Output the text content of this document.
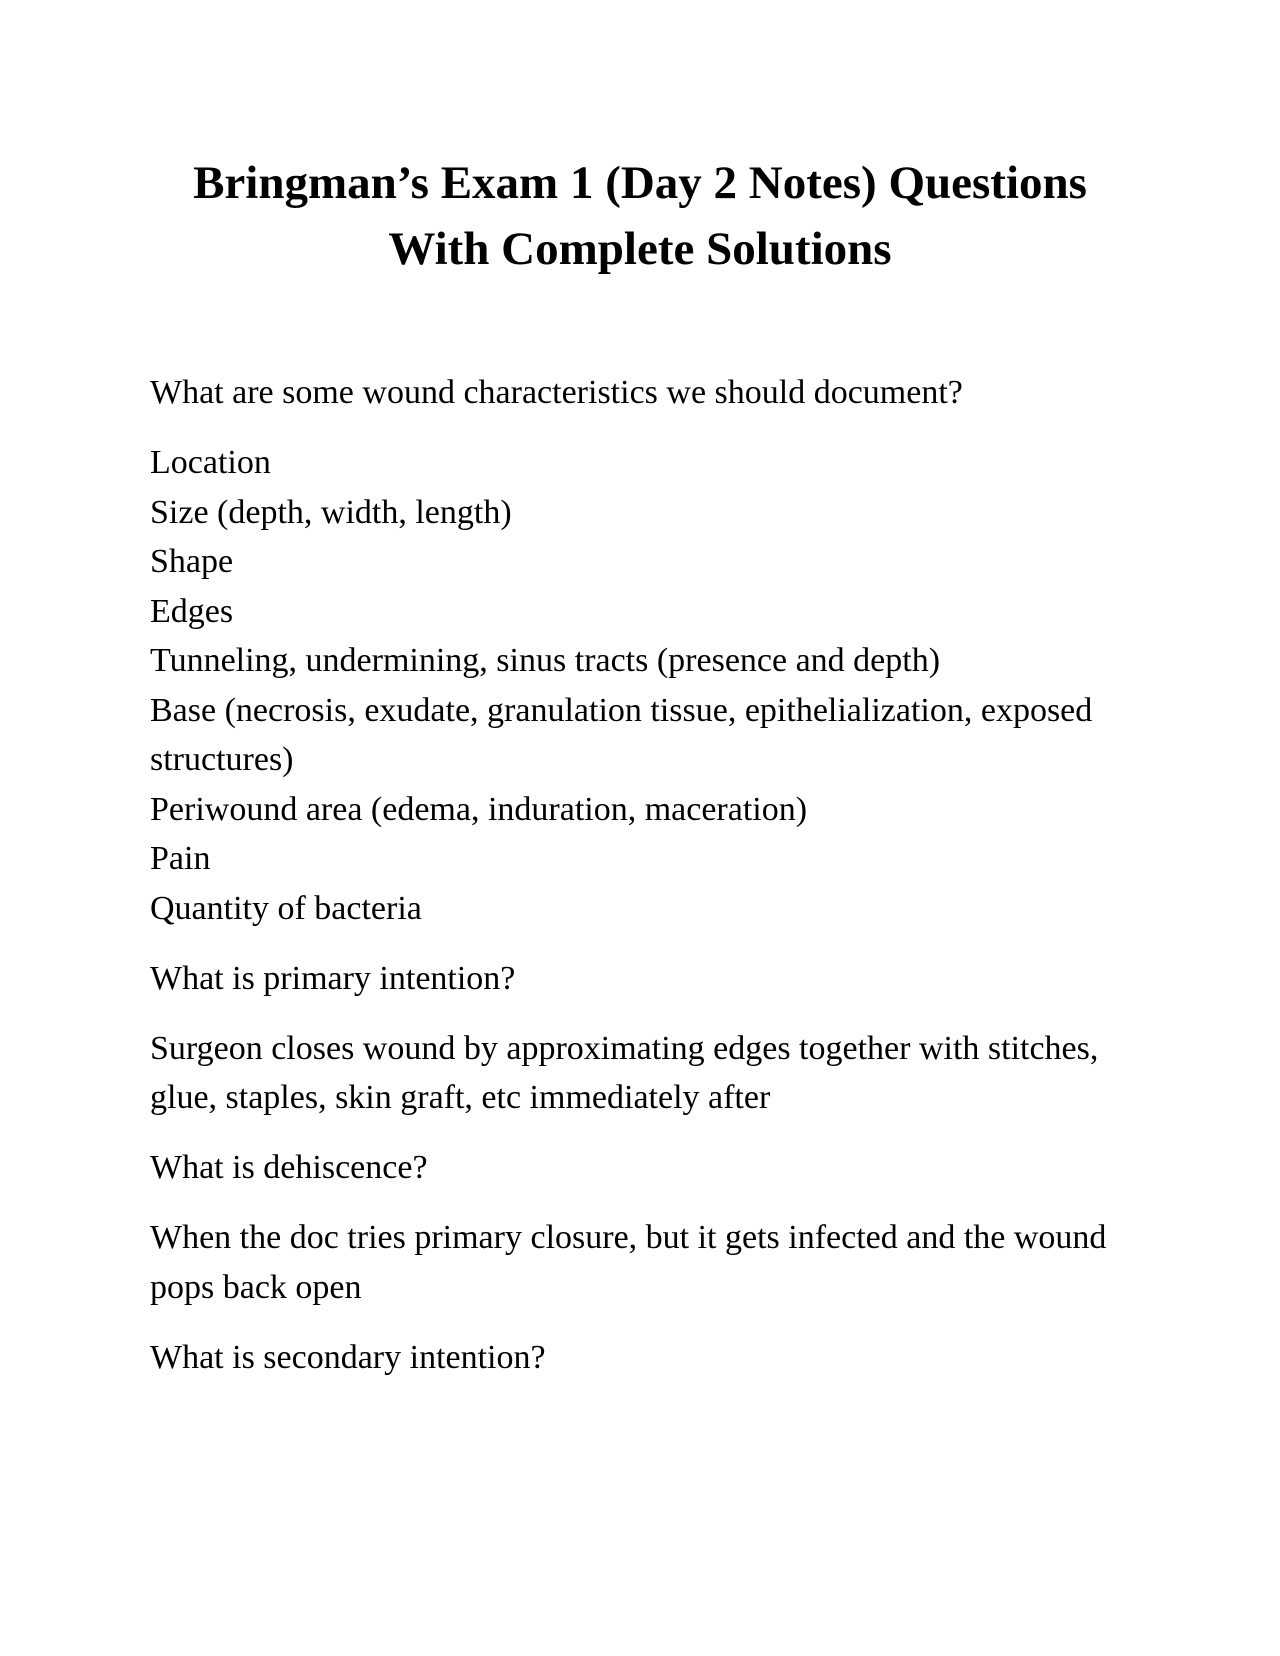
Bringman’s Exam 1 (Day 2 Notes) Questions
With Complete Solutions

What are some wound characteristics we should document?

Location
Size (depth, width, length)
Shape
Edges
Tunneling, undermining, sinus tracts (presence and depth)
Base (necrosis, exudate, granulation tissue, epithelialization, exposed structures)
Periwound area (edema, induration, maceration)
Pain
Quantity of bacteria

What is primary intention?

Surgeon closes wound by approximating edges together with stitches, glue, staples, skin graft, etc immediately after

What is dehiscence?

When the doc tries primary closure, but it gets infected and the wound pops back open

What is secondary intention?
